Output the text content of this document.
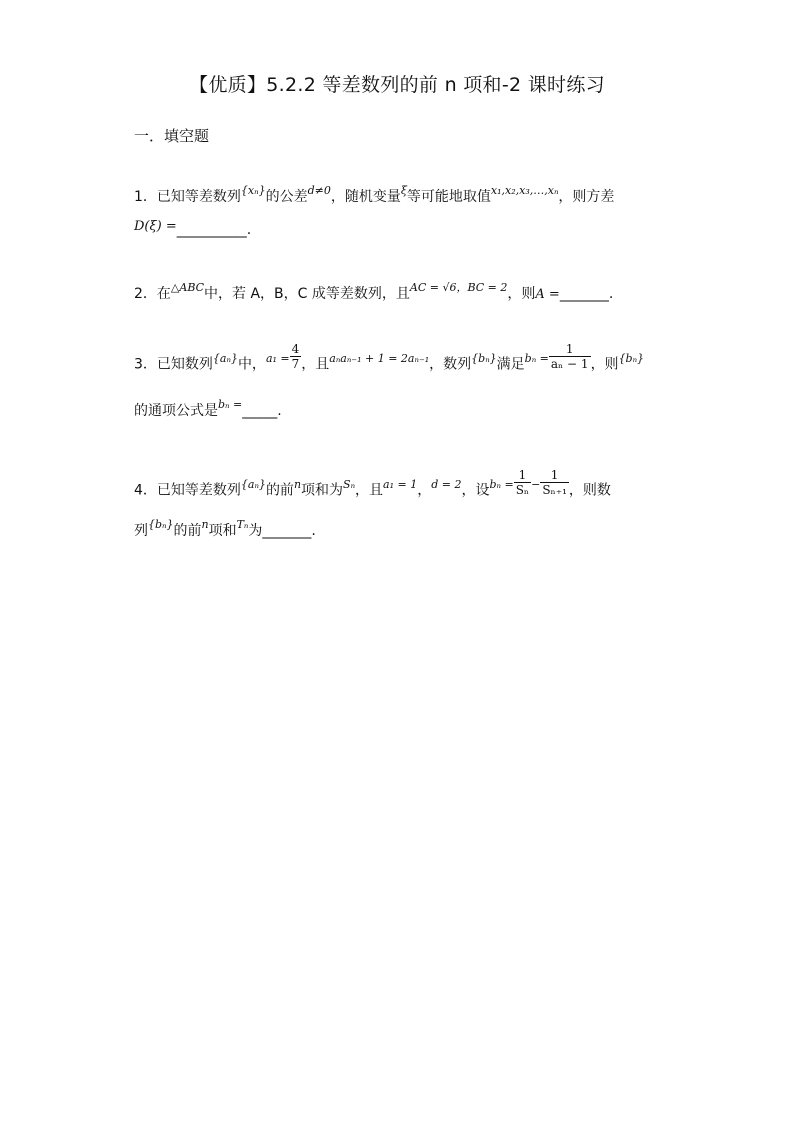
【优质】5.2.2 等差数列的前 n 项和-2 课时练习
一．填空题
1．已知等差数列$^{\{x_n\}}$的公差$^{d\ne 0}$，随机变量$^\xi$等可能地取值$^{x_1,x_2,x_3,\dots,x_n}$，则方差
D(ξ) =__________.
2．在$^{\triangle ABC}$中，若 A，B，C 成等差数列，且$^{AC = √6,BC = 2}$，则A =_______.
3．已知数列$^{\{a_n\}}$中，$^{a_1 =} \frac{4}{7}$ ，且$^{a_na_{n-1} + 1 = 2a_{n-1}}$，数列$^{\{b_n\}}$满足$^{b_n =} \frac{1}{\text{aₙ − 1}}$ ，则$^{\{b_n\}}$
的通项公式是$^{b_n =}$_____.
4．已知等差数列$^{\{a_n\}}$的前$^n$项和为$^{S_n}$，且$^{a_1 = 1}$，$^{d = 2}$，设$^{b_n =} \frac{1}{\text{Sₙ}} ^- \frac{1}{\text{Sₙ₊₁}}$ ，则数
列$^{\{b_n\}}$的前$^n$项和$^{T_n}$为_______.
